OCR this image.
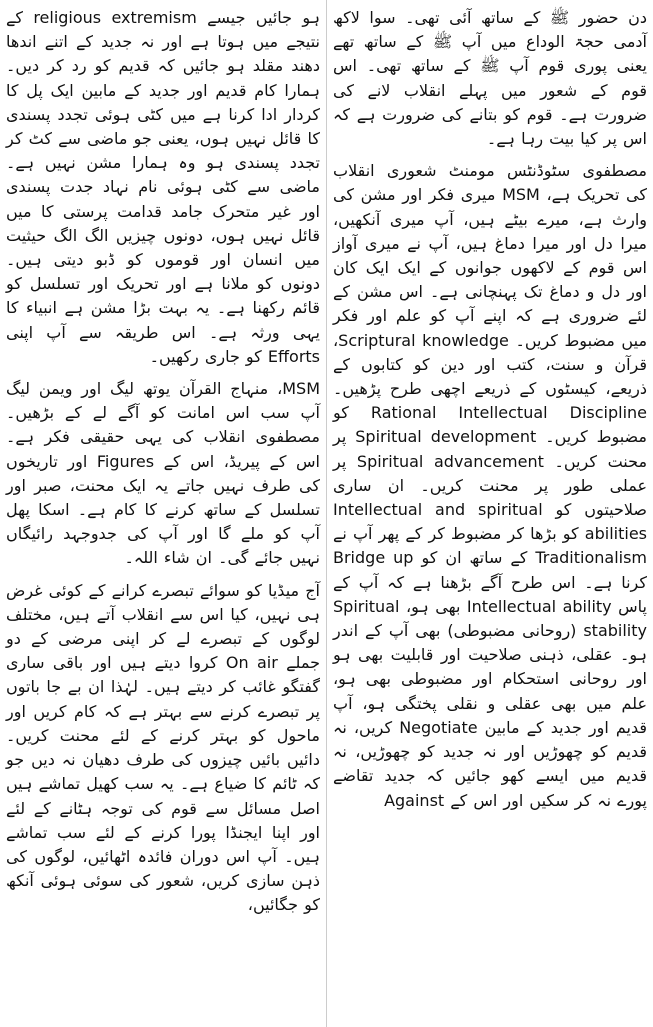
دن حضور ﷺ کے ساتھ آئی تھی۔ سوا لاکھ آدمی حجۃ الوداع میں آپ ﷺ کے ساتھ تھے یعنی پوری قوم آپ ﷺ کے ساتھ تھی۔ اس قوم کے شعور میں پہلے انقلاب لانے کی ضرورت ہے۔ قوم کو بتانے کی ضرورت ہے کہ اس پر کیا بیت رہا ہے۔

مصطفوی سٹوڈنٹس مومنٹ شعوری انقلاب کی تحریک ہے، MSM میری فکر اور مشن کی وارث ہے، میرے بیٹے ہیں، آپ میری آنکھیں، میرا دل اور میرا دماغ ہیں، آپ نے میری آواز اس قوم کے لاکھوں جوانوں کے ایک ایک کان اور دل و دماغ تک پہنچانی ہے۔ اس مشن کے لئے ضروری ہے کہ اپنے آپ کو علم اور فکر میں مضبوط کریں۔ Scriptural knowledge، قرآن و سنت، کتب اور دین کو کتابوں کے ذریعے، کیسٹوں کے ذریعے اچھی طرح پڑھیں۔ Rational Intellectual Discipline کو مضبوط کریں۔ Spiritual development پر محنت کریں۔ Spiritual advancement پر عملی طور پر محنت کریں۔ ان ساری صلاحیتوں کو Intellectual and spiritual abilities کو بڑھا کر مضبوط کر کے پھر آپ نے Traditionalism کے ساتھ ان کو Bridge up کرنا ہے۔ اس طرح آگے بڑھنا ہے کہ آپ کے پاس Intellectual ability بھی ہو، Spiritual stability (روحانی مضبوطی) بھی آپ کے اندر ہو۔ عقلی، ذہنی صلاحیت اور قابلیت بھی ہو اور روحانی استحکام اور مضبوطی بھی ہو، علم میں بھی عقلی و نقلی پختگی ہو، آپ قدیم اور جدید کے مابین Negotiate کریں، نہ قدیم کو چھوڑیں اور نہ جدید کو چھوڑیں، نہ قدیم میں ایسے کھو جائیں کہ جدید تقاضے پورے نہ کر سکیں اور اس کے Against

ہو جائیں جیسے religious extremism کے نتیجے میں ہوتا ہے اور نہ جدید کے اتنے اندھا دھند مقلد ہو جائیں کہ قدیم کو رد کر دیں۔ ہمارا کام قدیم اور جدید کے مابین ایک پل کا کردار ادا کرنا ہے میں کٹی ہوئی تجدد پسندی کا قائل نہیں ہوں، یعنی جو ماضی سے کٹ کر تجدد پسندی ہو وہ ہمارا مشن نہیں ہے۔ ماضی سے کٹی ہوئی نام نہاد جدت پسندی اور غیر متحرک جامد قدامت پرستی کا میں قائل نہیں ہوں، دونوں چیزیں الگ الگ حیثیت میں انسان اور قوموں کو ڈبو دیتی ہیں۔ دونوں کو ملانا ہے اور تحریک اور تسلسل کو قائم رکھنا ہے۔ یہ بہت بڑا مشن ہے انبیاء کا یہی ورثہ ہے۔ اس طریقہ سے آپ اپنی Efforts کو جاری رکھیں۔

MSM، منہاج القرآن یوتھ لیگ اور ویمن لیگ آپ سب اس امانت کو آگے لے کے بڑھیں۔ مصطفوی انقلاب کی یہی حقیقی فکر ہے۔ اس کے پیریڈ، اس کے Figures اور تاریخوں کی طرف نہیں جاتے یہ ایک محنت، صبر اور تسلسل کے ساتھ کرنے کا کام ہے۔ اسکا پھل آپ کو ملے گا اور آپ کی جدوجہد رائیگاں نہیں جائے گی۔ ان شاء اللہ۔

آج میڈیا کو سوائے تبصرے کرانے کے کوئی غرض ہی نہیں، کیا اس سے انقلاب آتے ہیں، مختلف لوگوں کے تبصرے لے کر اپنی مرضی کے دو جملے On air کروا دیتے ہیں اور باقی ساری گفتگو غائب کر دیتے ہیں۔ لہٰذا ان بے جا باتوں پر تبصرے کرنے سے بہتر ہے کہ کام کریں اور ماحول کو بہتر کرنے کے لئے محنت کریں۔ دائیں بائیں چیزوں کی طرف دھیان نہ دیں جو کہ ٹائم کا ضیاع ہے۔ یہ سب کھیل تماشے ہیں اصل مسائل سے قوم کی توجہ ہٹانے کے لئے اور اپنا ایجنڈا پورا کرنے کے لئے سب تماشے ہیں۔ آپ اس دوران فائدہ اٹھائیں، لوگوں کی ذہن سازی کریں، شعور کی سوئی ہوئی آنکھ کو جگائیں،
